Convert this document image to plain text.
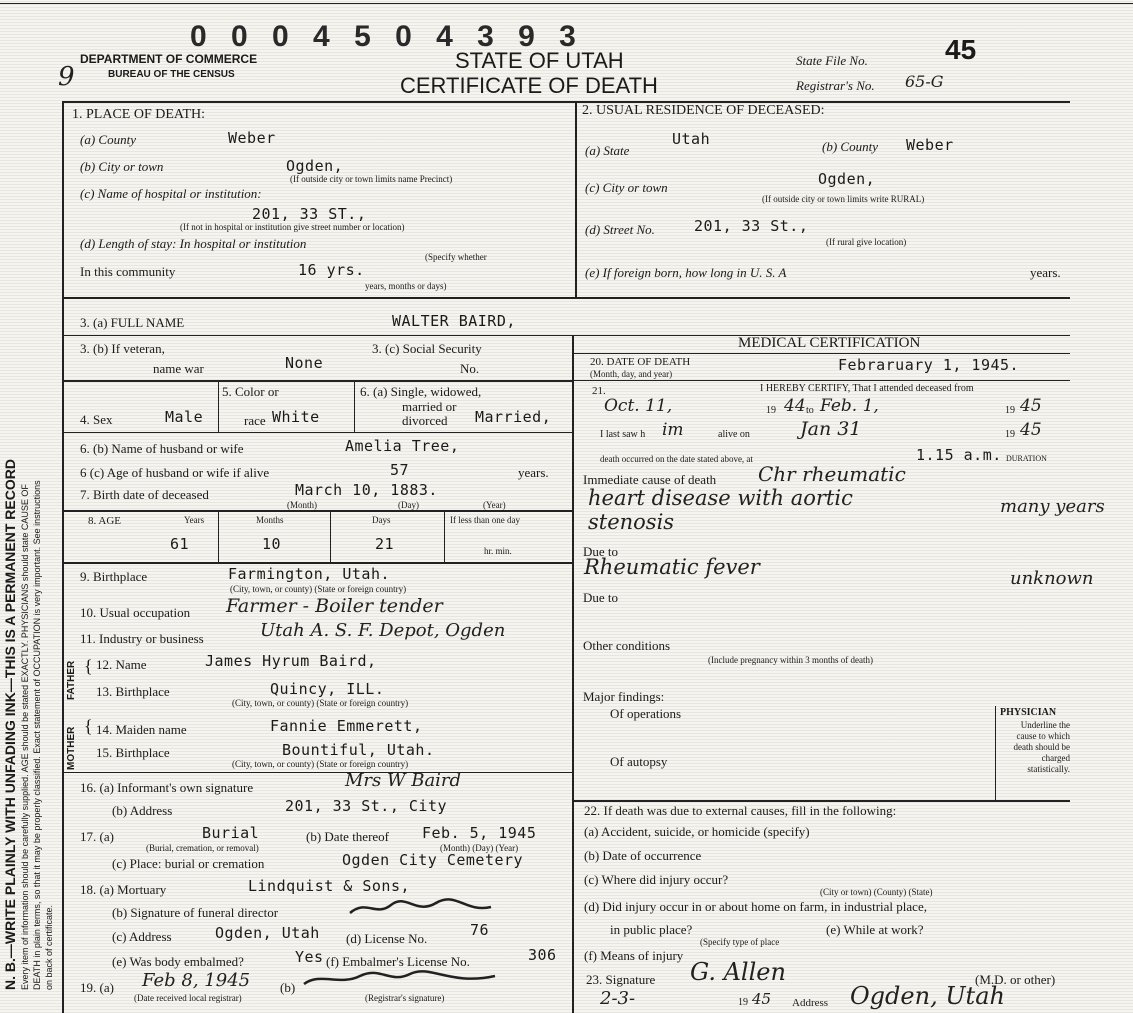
0 0 0 4 5 0 4 3 9 3
DEPARTMENT OF COMMERCE
BUREAU OF THE CENSUS
9
STATE OF UTAH
CERTIFICATE OF DEATH
State File No.	45
Registrar's No. 65-G
N. B.—WRITE PLAINLY WITH UNFADING INK—THIS IS A PERMANENT RECORD Every item of information should be carefully supplied. AGE should be stated EXACTLY. PHYSICIANS should state CAUSE OF DEATH in plain terms, so that it may be properly classified. Exact statement of OCCUPATION is very important. See instructions on back of certificate.
1. PLACE OF DEATH:
(a) County	Weber
(b) City or town	Ogden,
(If outside city or town limits name Precinct)
(c) Name of hospital or institution:
201, 33 ST.,
(If not in hospital or institution give street number or location)
(d) Length of stay: In hospital or institution
(Specify whether
In this community	16 yrs.
years, months or days)
2. USUAL RESIDENCE OF DECEASED:
(a) State
Utah	(b) County Weber
(c) City or town	Ogden,
(If outside city or town limits write RURAL)
(d) Street No.	201, 33 St.,
(If rural give location)
(e) If foreign born, how long in U. S. A	years.
3. (a) FULL NAME	WALTER BAIRD,
3. (b) If veteran,
name war	None
3. (c) Social Security
No.
4. Sex	Male
5. Color or
race White
6. (a) Single, widowed,
married or
divorced Married,
6. (b) Name of husband or wife	Amelia Tree,
6 (c) Age of husband or wife if alive	57	years.
7. Birth date of deceased	March 10, 1883.
(Month)	(Day)	(Year)
8. AGE	Years	Months	Days	If less than one day
61	10	21	hr. min.
9. Birthplace	Farmington, Utah.
(City, town, or county) (State or foreign country)
10. Usual occupation Farmer - Boiler tender
11. Industry or business	Utah A. S. F. Depot, Ogden
FATHER
MOTHER
{
{
12. Name	James Hyrum Baird,
13. Birthplace	Quincy, ILL.
(City, town, or county) (State or foreign country)
14. Maiden name	Fannie Emmerett,
15. Birthplace	Bountiful, Utah.
(City, town, or county) (State or foreign country)
16. (a) Informant's own signature	Mrs W Baird
(b) Address	201, 33 St., City
17. (a)	Burial
(Burial, cremation, or removal)
(b) Date thereof Feb. 5, 1945
(Month) (Day) (Year)
(c) Place: burial or cremation	Ogden City Cemetery
18. (a) Mortuary	Lindquist & Sons,
(b) Signature of funeral director
(c) Address	Ogden, Utah (d) License No.	76
(e) Was body embalmed?	Yes (f) Embalmer's License No.	306
19. (a) Feb 8, 1945
(Date received local registrar)
(b)
(Registrar's signature)
MEDICAL CERTIFICATION
20. DATE OF DEATH
(Month, day, and year)	Febraruary 1, 1945.
21.	I HEREBY CERTIFY, That I attended deceased from
Oct. 11,	19 44 to Feb. 1,	19 45
I last saw h im	alive on	Jan 31	19 45
death occurred on the date stated above, at	1.15 a.m. DURATION
Immediate cause of death Chr rheumatic
heart disease with aortic
stenosis
many years
Due to
Rheumatic fever	unknown
Due to
Other conditions
(Include pregnancy within 3 months of death)
Major findings:
Of operations
Of autopsy
PHYSICIAN
Underline the cause to which death should be charged statistically.
22. If death was due to external causes, fill in the following:
(a) Accident, suicide, or homicide (specify)
(b) Date of occurrence
(c) Where did injury occur?
(City or town) (County) (State)
(d) Did injury occur in or about home on farm, in industrial place,
in public place?
(Specify type of place
(e) While at work?
(f) Means of injury
23. Signature G. Allen	(M.D. or other)
2-3-	19 45 Address Ogden, Utah
